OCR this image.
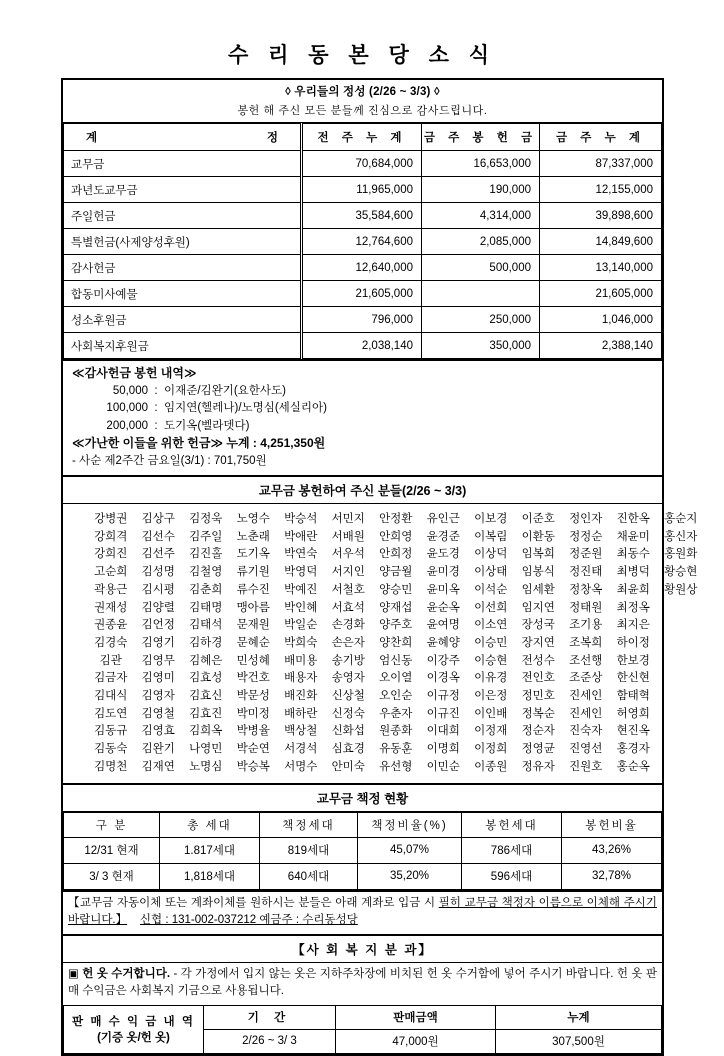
수 리 동 본 당 소 식
◊ 우리들의 정성 (2/26 ~ 3/3) ◊
봉헌 해 주신 모든 분들께 진심으로 감사드립니다.
계 정	전 주 누 계	금 주 봉 헌 금	금 주 누 계
교무금	70,684,000	16,653,000	87,337,000
과년도교무금	11,965,000	190,000	12,155,000
주일헌금	35,584,600	4,314,000	39,898,600
특별헌금(사제양성후원)	12,764,600	2,085,000	14,849,600
감사헌금	12,640,000	500,000	13,140,000
합동미사예물	21,605,000		21,605,000
성소후원금	796,000	250,000	1,046,000
사회복지후원금	2,038,140	350,000	2,388,140
≪감사헌금 봉헌 내역≫
50,000 : 이재준/김완기(요한사도)
100,000 : 임지연(헬레나)/노명심(세실리아)
200,000 : 도기옥(벨라뎃다)
≪가난한 이들을 위한 헌금≫ 누계 : 4,251,350원
- 사순 제2주간 금요일(3/1) : 701,750원
교무금 봉헌하여 주신 분들(2/26 ~ 3/3)
강병권	김상구	김정욱	노영수	박승석	서민지	안정환	유인근	이보경	이준호	정인자	진한옥	홍순지
강희격	김선수	김주일	노춘래	박애란	서배원	안희영	윤경준	이복림	이환동	정정순	채윤미	홍신자
강희진	김선주	김진홀	도기옥	박연숙	서우석	안희정	윤도경	이상덕	임복희	정준원	최동수	홍원화
고순희	김성명	김철영	류기원	박영덕	서지인	양금월	윤미경	이상태	임봉식	정진태	최병덕	황승현
곽용근	김시평	김춘희	류수진	박예진	서철호	양승민	윤미옥	이석순	임세환	정창옥	최윤희	황원상
권재성	김양렬	김태명	맹아름	박인혜	서효석	양재섭	윤순옥	이선희	임지연	정태원	최정옥
권종윤	김언정	김태석	문재원	박일순	손경화	양주호	윤여명	이소연	장성국	조기용	최지은
김경숙	김영기	김하경	문혜순	박희숙	손은자	양찬희	윤혜양	이승민	장지연	조복희	하이정
김관	김영무	김혜은	민성혜	배미용	송기방	엄신동	이강주	이승현	전성수	조선행	한보경
김금자	김영미	김효성	박건호	배용자	송영자	오이열	이경옥	이유경	전인호	조준상	한신현
김대식	김영자	김효신	박문성	배진화	신상철	오인순	이규정	이은정	정민호	진세인	함태혁
김도연	김영철	김효진	박미정	배하란	신정숙	우춘자	이규진	이인배	정복순	진세인	허영희
김동규	김영효	김희옥	박병율	백상철	신화섭	원종화	이대희	이정재	정순자	진숙자	현진옥
김동숙	김완기	나영민	박순연	서경석	심효경	유동훈	이명희	이정희	정영균	진영선	홍경자
김명천	김재연	노명심	박승복	서명수	안미숙	유선형	이민순	이종원	정유자	진원호	홍순옥
교무금 책정 현황
구 분	총 세대	책정세대	책정비율(%)	봉헌세대	봉헌비율
12/31 현재	1.817세대	819세대	45,07%	786세대	43,26%
3/ 3 현재	1,818세대	640세대	35,20%	596세대	32,78%
【교무금 자동이체 또는 계좌이체를 원하시는 분들은 아래 계좌로 입금 시 필히 교무금 책정자 이름으로 이체해 주시기 바랍니다.】 신협 : 131-002-037212 예금주 : 수리동성당
【사 회 복 지 분 과】
▣ 헌 옷 수거합니다. - 각 가정에서 입지 않는 옷은 지하주차장에 비치된 헌 옷 수거함에 넣어 주시기 바랍니다. 헌 옷 판매 수익금은 사회복지 기금으로 사용됩니다.
판 매 수 익 금 내 역
(기증 옷/헌 옷)	기 간	판매금액	누계
	2/26 ~ 3/ 3	47,000원	307,500원
